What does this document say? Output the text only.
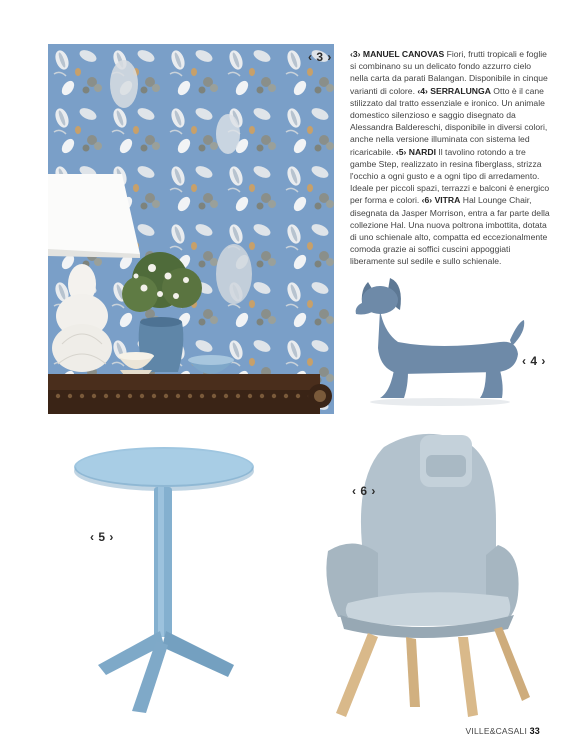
‹ 3 › ‹3› MANUEL CANOVAS Fiori, frutti tropicali e foglie si combinano su un delicato fondo azzurro cielo nella carta da parati Balangan. Disponibile in cinque varianti di colore. ‹4› SERRALUNGA Otto è il cane stilizzato dal tratto essenziale e ironico. Un animale domestico silenzioso e saggio disegnato da Alessandra Baldereschi, disponibile in diversi colori, anche nella versione illuminata con sistema led ricaricabile. ‹5› NARDI Il tavolino rotondo a tre gambe Step, realizzato in resina fiberglass, strizza l'occhio a ogni gusto e a ogni tipo di arredamento. Ideale per piccoli spazi, terrazzi e balconi è energico per forma e colori. ‹6› VITRA Hal Lounge Chair, disegnata da Jasper Morrison, entra a far parte della collezione Hal. Una nuova poltrona imbottita, dotata di uno schienale alto, compatta ed eccezionalmente comoda grazie ai soffici cuscini appoggiati liberamente sul sedile e sullo schienale.

‹ 4 ›
‹ 5 ›
‹ 6 ›
VILLE&CASALI 33
